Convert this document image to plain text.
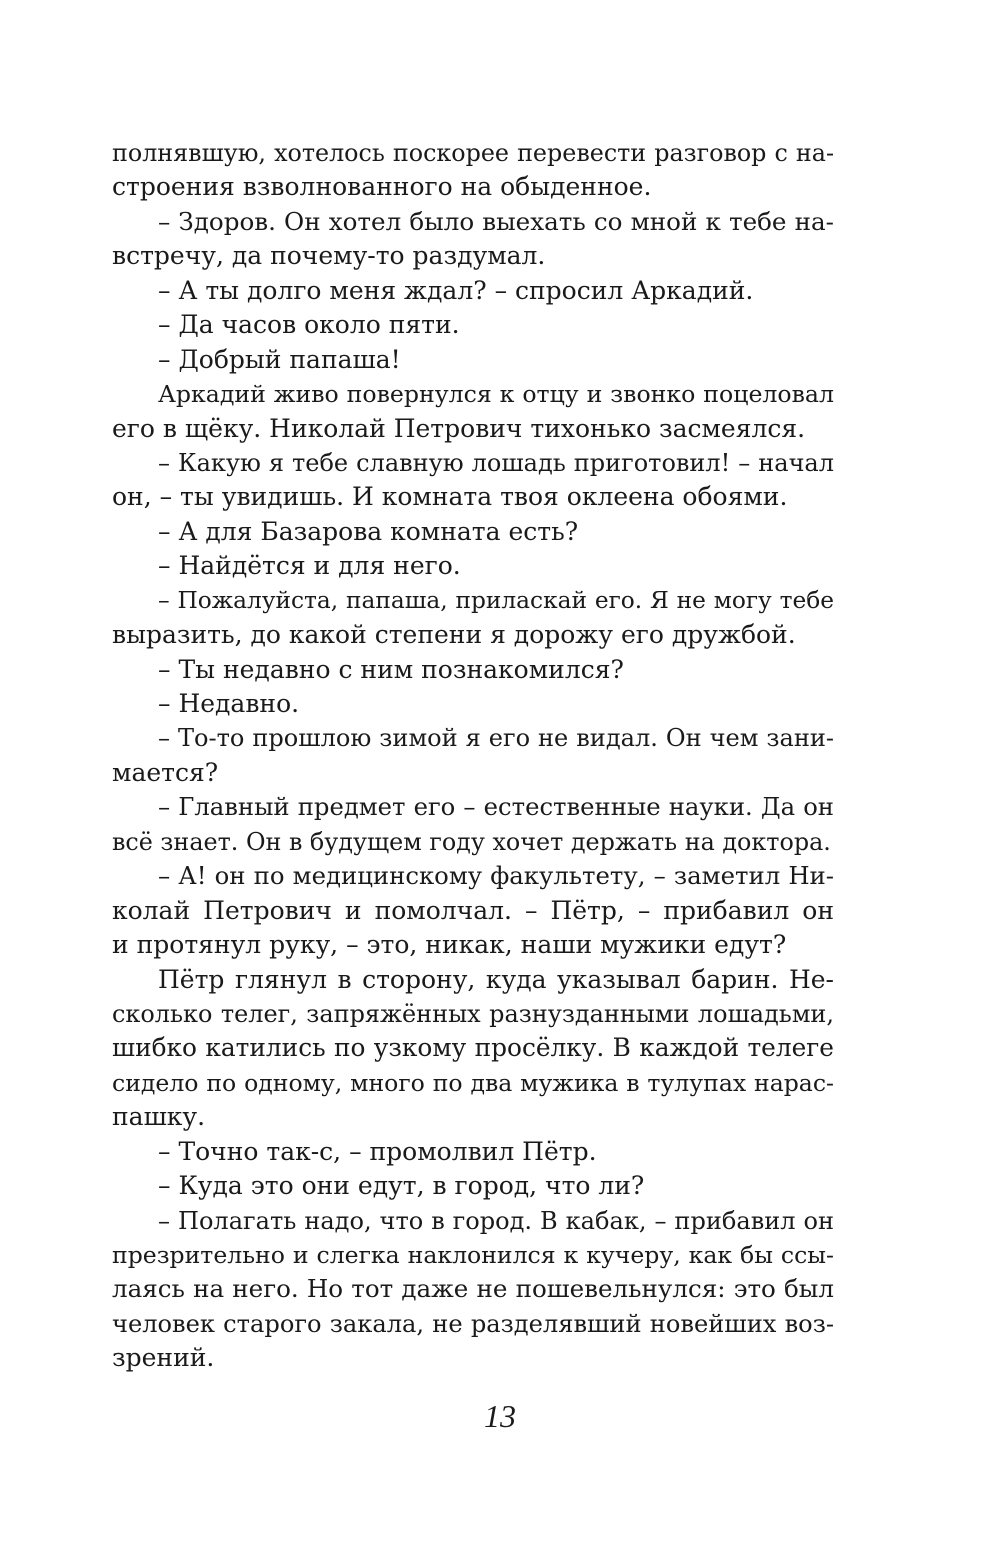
полнявшую, хотелось поскорее перевести разговор с на-
строения взволнованного на обыденное.
– Здоров. Он хотел было выехать со мной к тебе на-
встречу, да почему-то раздумал.
– А ты долго меня ждал? – спросил Аркадий.
– Да часов около пяти.
– Добрый папаша!
Аркадий живо повернулся к отцу и звонко поцеловал
его в щёку. Николай Петрович тихонько засмеялся.
– Какую я тебе славную лошадь приготовил! – начал
он, – ты увидишь. И комната твоя оклеена обоями.
– А для Базарова комната есть?
– Найдётся и для него.
– Пожалуйста, папаша, приласкай его. Я не могу тебе
выразить, до какой степени я дорожу его дружбой.
– Ты недавно с ним познакомился?
– Недавно.
– То-то прошлою зимой я его не видал. Он чем зани-
мается?
– Главный предмет его – естественные науки. Да он
всё знает. Он в будущем году хочет держать на доктора.
– А! он по медицинскому факультету, – заметил Ни-
колай Петрович и помолчал. – Пётр, – прибавил он
и протянул руку, – это, никак, наши мужики едут?
Пётр глянул в сторону, куда указывал барин. Не-
сколько телег, запряжённых разнузданными лошадьми,
шибко катились по узкому просёлку. В каждой телеге
сидело по одному, много по два мужика в тулупах нарас-
пашку.
– Точно так-с, – промолвил Пётр.
– Куда это они едут, в город, что ли?
– Полагать надо, что в город. В кабак, – прибавил он
презрительно и слегка наклонился к кучеру, как бы ссы-
лаясь на него. Но тот даже не пошевельнулся: это был
человек старого закала, не разделявший новейших воз-
зрений.
13
